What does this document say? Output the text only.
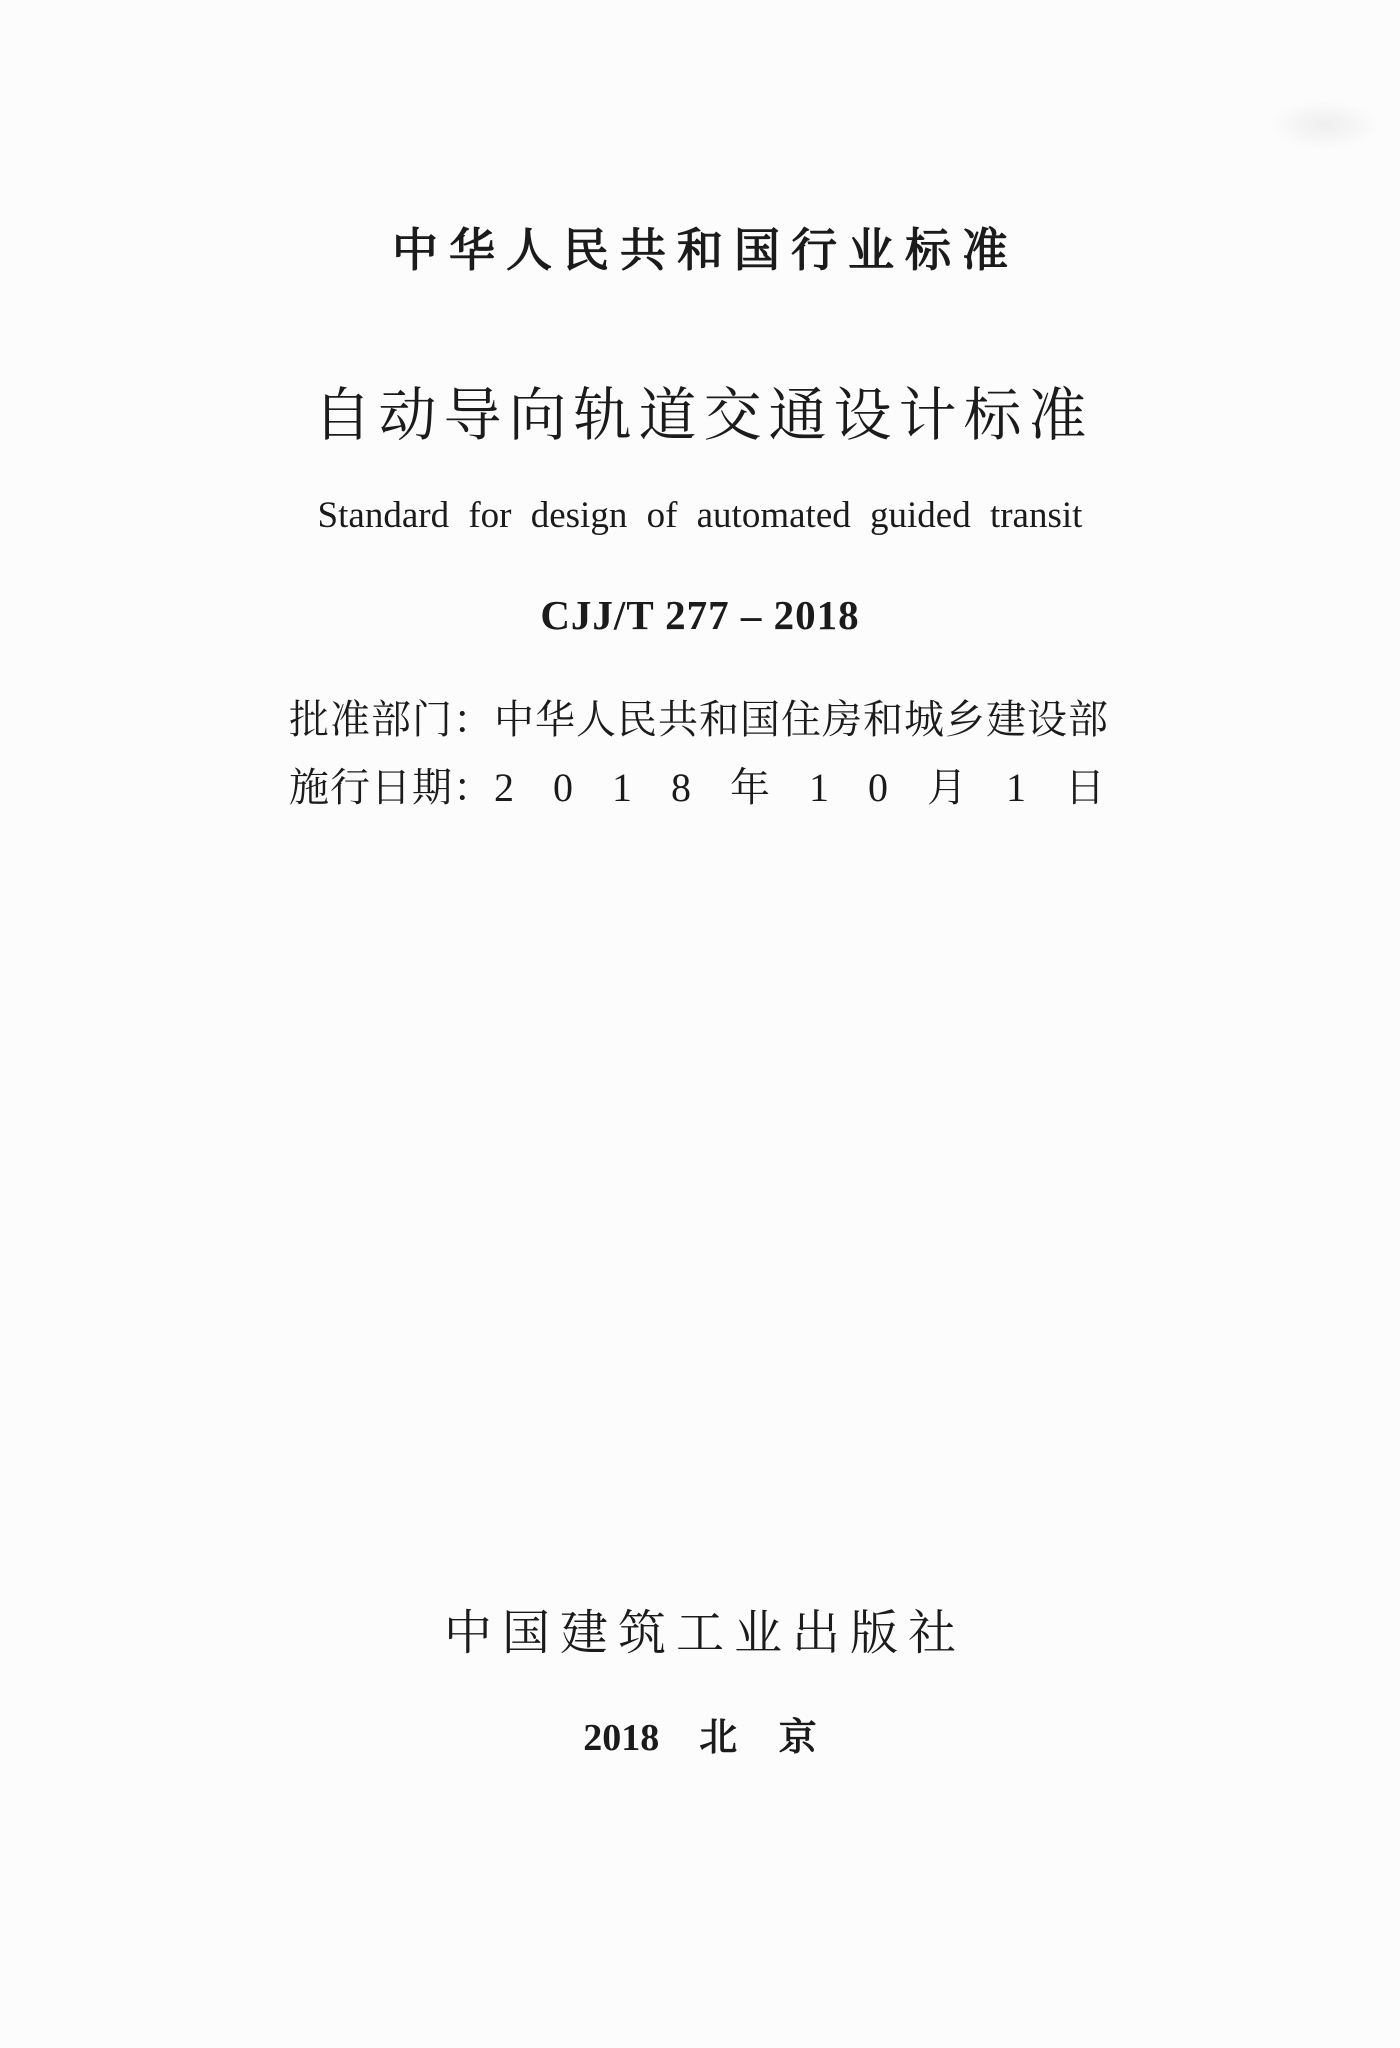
中华人民共和国行业标准
自动导向轨道交通设计标准
Standard for design of automated guided transit
CJJ/T 277 – 2018
批准部门： 中华人民共和国住房和城乡建设部
施行日期： 2 0 1 8 年 1 0 月 1 日
中国建筑工业出版社
2018 北 京
